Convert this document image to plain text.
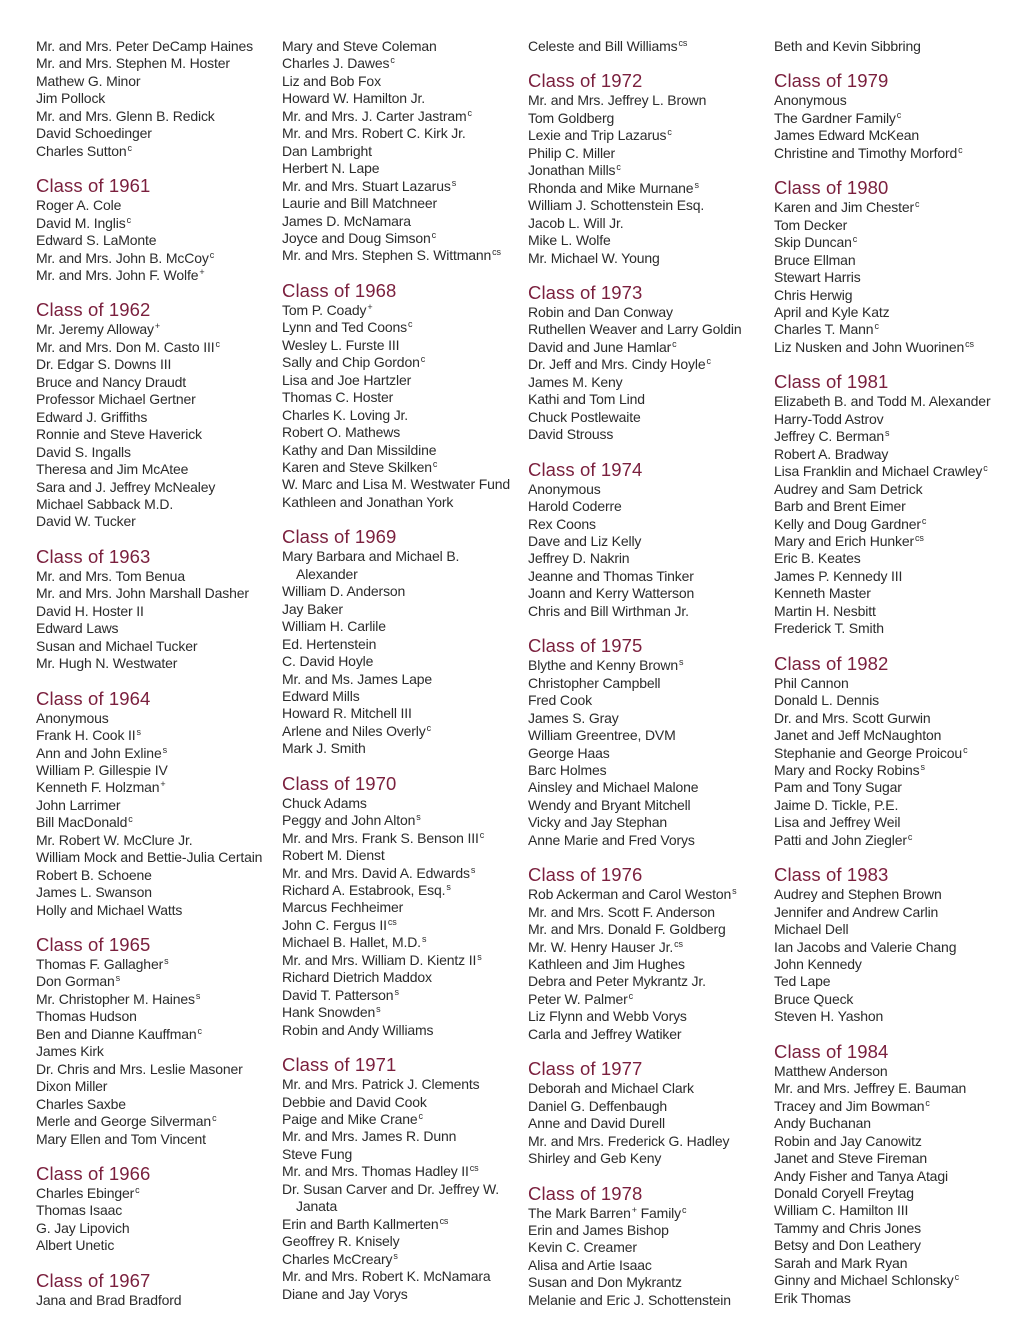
Mr. and Mrs. Peter DeCamp Haines
Mr. and Mrs. Stephen M. Hoster
Mathew G. Minor
Jim Pollock
Mr. and Mrs. Glenn B. Redick
David Schoedinger
Charles Sutton$^c$
Class of 1961
Roger A. Cole
David M. Inglis$^c$
Edward S. LaMonte
Mr. and Mrs. John B. McCoy$^c$
Mr. and Mrs. John F. Wolfe+
Class of 1962
Mr. Jeremy Alloway+
Mr. and Mrs. Don M. Casto III$^c$
Dr. Edgar S. Downs III
Bruce and Nancy Draudt
Professor Michael Gertner
Edward J. Griffiths
Ronnie and Steve Haverick
David S. Ingalls
Theresa and Jim McAtee
Sara and J. Jeffrey McNealey
Michael Sabback M.D.
David W. Tucker
Class of 1963
Mr. and Mrs. Tom Benua
Mr. and Mrs. John Marshall Dasher
David H. Hoster II
Edward Laws
Susan and Michael Tucker
Mr. Hugh N. Westwater
Class of 1964
Anonymous
Frank H. Cook $II^s$
Ann and John Exline$^s$
William P. Gillespie IV
Kenneth F. Holzman+
John Larrimer
Bill MacDonald$^c$
Mr. Robert W. McClure Jr.
William Mock and Bettie-Julia Certain
Robert B. Schoene
James L. Swanson
Holly and Michael Watts
Class of 1965
Thomas F. Gallagher$^s$
Don Gorman$^s$
Mr. Christopher M. Haines$^s$
Thomas Hudson
Ben and Dianne Kauffman$^c$
James Kirk
Dr. Chris and Mrs. Leslie Masoner
Dixon Miller
Charles Saxbe
Merle and George Silverman$^c$
Mary Ellen and Tom Vincent
Class of 1966
Charles Ebinger$^c$
Thomas Isaac
G. Jay Lipovich
Albert Unetic
Class of 1967
Jana and Brad Bradford
Mary and Steve Coleman
Charles J. Dawes$^c$
Liz and Bob Fox
Howard W. Hamilton Jr.
Mr. and Mrs. J. Carter Jastram$^c$
Mr. and Mrs. Robert C. Kirk Jr.
Dan Lambright
Herbert N. Lape
Mr. and Mrs. Stuart Lazarus$^s$
Laurie and Bill Matchneer
James D. McNamara
Joyce and Doug Simson$^c$
Mr. and Mrs. Stephen S. Wittmann$^{cs}$
Class of 1968
Tom P. Coady+
Lynn and Ted Coons$^c$
Wesley L. Furste III
Sally and Chip Gordon$^c$
Lisa and Joe Hartzler
Thomas C. Hoster
Charles K. Loving Jr.
Robert O. Mathews
Kathy and Dan Missildine
Karen and Steve Skilken$^c$
W. Marc and Lisa M. Westwater Fund
Kathleen and Jonathan York
Class of 1969
Mary Barbara and Michael B.
Alexander
William D. Anderson
Jay Baker
William H. Carlile
Ed. Hertenstein
C. David Hoyle
Mr. and Ms. James Lape
Edward Mills
Howard R. Mitchell III
Arlene and Niles Overly$^c$
Mark J. Smith
Class of 1970
Chuck Adams
Peggy and John Alton$^s$
Mr. and Mrs. Frank S. Benson III$^c$
Robert M. Dienst
Mr. and Mrs. David A. Edwards$^s$
Richard A. Estabrook, Esq.$^s$
Marcus Fechheimer
John C. Fergus $II^{cs}$
Michael B. Hallet, M.D.$^s$
Mr. and Mrs. William D. Kientz $II^s$
Richard Dietrich Maddox
David T. Patterson$^s$
Hank Snowden$^s$
Robin and Andy Williams
Class of 1971
Mr. and Mrs. Patrick J. Clements
Debbie and David Cook
Paige and Mike Crane$^c$
Mr. and Mrs. James R. Dunn
Steve Fung
Mr. and Mrs. Thomas Hadley $II^{cs}$
Dr. Susan Carver and Dr. Jeffrey W.
Janata
Erin and Barth Kallmerten$^{cs}$
Geoffrey R. Knisely
Charles McCreary$^s$
Mr. and Mrs. Robert K. McNamara
Diane and Jay Vorys
Celeste and Bill Williams$^{cs}$
Class of 1972
Mr. and Mrs. Jeffrey L. Brown
Tom Goldberg
Lexie and Trip Lazarus$^c$
Philip C. Miller
Jonathan Mills$^c$
Rhonda and Mike Murnane$^s$
William J. Schottenstein Esq.
Jacob L. Will Jr.
Mike L. Wolfe
Mr. Michael W. Young
Class of 1973
Robin and Dan Conway
Ruthellen Weaver and Larry Goldin
David and June Hamlar$^c$
Dr. Jeff and Mrs. Cindy Hoyle$^c$
James M. Keny
Kathi and Tom Lind
Chuck Postlewaite
David Strouss
Class of 1974
Anonymous
Harold Coderre
Rex Coons
Dave and Liz Kelly
Jeffrey D. Nakrin
Jeanne and Thomas Tinker
Joann and Kerry Watterson
Chris and Bill Wirthman Jr.
Class of 1975
Blythe and Kenny Brown$^s$
Christopher Campbell
Fred Cook
James S. Gray
William Greentree, DVM
George Haas
Barc Holmes
Ainsley and Michael Malone
Wendy and Bryant Mitchell
Vicky and Jay Stephan
Anne Marie and Fred Vorys
Class of 1976
Rob Ackerman and Carol Weston$^s$
Mr. and Mrs. Scott F. Anderson
Mr. and Mrs. Donald F. Goldberg
Mr. W. Henry Hauser Jr.$^{cs}$
Kathleen and Jim Hughes
Debra and Peter Mykrantz Jr.
Peter W. Palmer$^c$
Liz Flynn and Webb Vorys
Carla and Jeffrey Watiker
Class of 1977
Deborah and Michael Clark
Daniel G. Deffenbaugh
Anne and David Durell
Mr. and Mrs. Frederick G. Hadley
Shirley and Geb Keny
Class of 1978
The Mark Barren+ Family$^c$
Erin and James Bishop
Kevin C. Creamer
Alisa and Artie Isaac
Susan and Don Mykrantz
Melanie and Eric J. Schottenstein
Beth and Kevin Sibbring
Class of 1979
Anonymous
The Gardner Family$^c$
James Edward McKean
Christine and Timothy Morford$^c$
Class of 1980
Karen and Jim Chester$^c$
Tom Decker
Skip Duncan$^c$
Bruce Ellman
Stewart Harris
Chris Herwig
April and Kyle Katz
Charles T. Mann$^c$
Liz Nusken and John Wuorinen$^{cs}$
Class of 1981
Elizabeth B. and Todd M. Alexander
Harry-Todd Astrov
Jeffrey C. Berman$^s$
Robert A. Bradway
Lisa Franklin and Michael Crawley$^c$
Audrey and Sam Detrick
Barb and Brent Eimer
Kelly and Doug Gardner$^c$
Mary and Erich Hunker$^{cs}$
Eric B. Keates
James P. Kennedy III
Kenneth Master
Martin H. Nesbitt
Frederick T. Smith
Class of 1982
Phil Cannon
Donald L. Dennis
Dr. and Mrs. Scott Gurwin
Janet and Jeff McNaughton
Stephanie and George Proicou$^c$
Mary and Rocky Robins$^s$
Pam and Tony Sugar
Jaime D. Tickle, P.E.
Lisa and Jeffrey Weil
Patti and John Ziegler$^c$
Class of 1983
Audrey and Stephen Brown
Jennifer and Andrew Carlin
Michael Dell
Ian Jacobs and Valerie Chang
John Kennedy
Ted Lape
Bruce Queck
Steven H. Yashon
Class of 1984
Matthew Anderson
Mr. and Mrs. Jeffrey E. Bauman
Tracey and Jim Bowman$^c$
Andy Buchanan
Robin and Jay Canowitz
Janet and Steve Fireman
Andy Fisher and Tanya Atagi
Donald Coryell Freytag
William C. Hamilton III
Tammy and Chris Jones
Betsy and Don Leathery
Sarah and Mark Ryan
Ginny and Michael Schlonsky$^c$
Erik Thomas
